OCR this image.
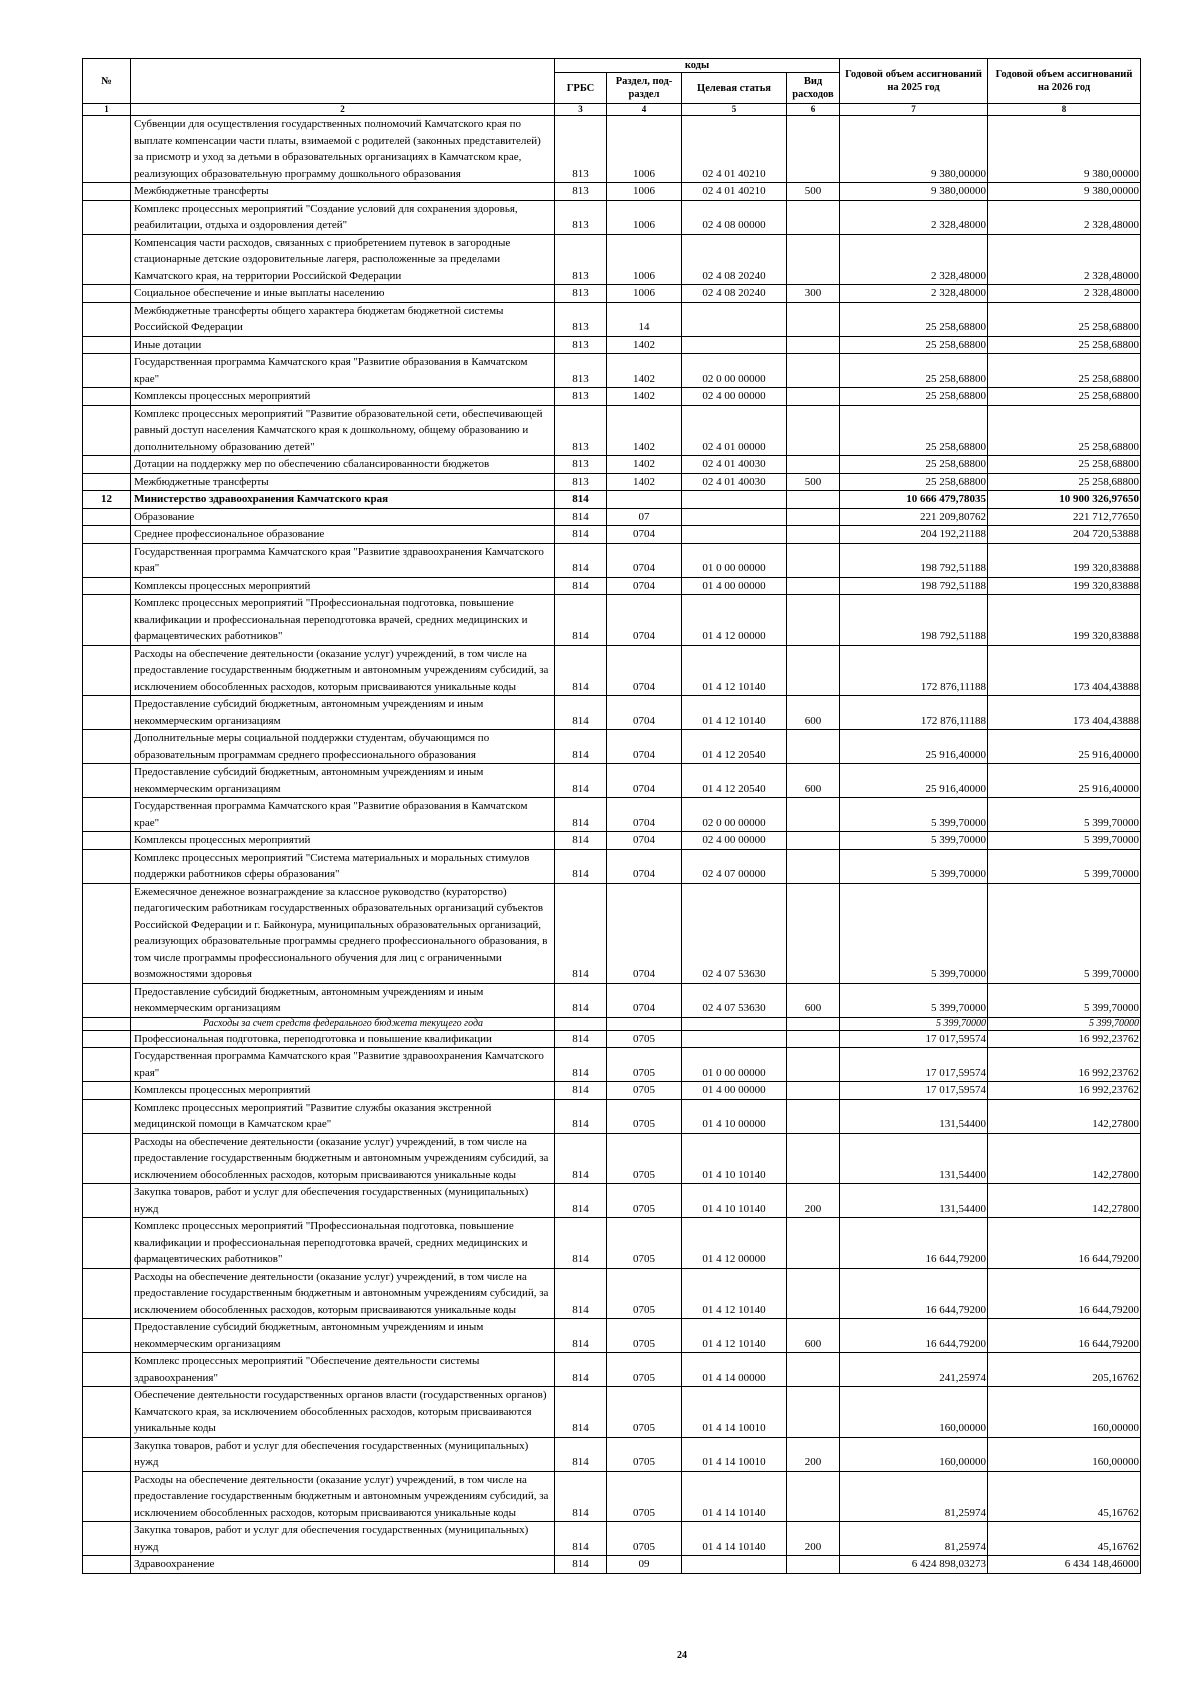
№		коды				Годовой объем ассигнований на 2025 год	Годовой объем ассигнований на 2026 год
		ГРБС	Раздел, под-раздел	Целевая статья	Вид расходов		
1	2	3	4	5	6	7	8
	Субвенции для осуществления государственных полномочий Камчатского края по выплате компенсации части платы, взимаемой с родителей (законных представителей) за присмотр и уход за детьми в образовательных организациях в Камчатском крае, реализующих образовательную программу дошкольного образования	813	1006	02 4 01 40210		9 380,00000	9 380,00000
	Межбюджетные трансферты	813	1006	02 4 01 40210	500	9 380,00000	9 380,00000
	Комплекс процессных мероприятий "Создание условий для сохранения здоровья, реабилитации, отдыха и оздоровления детей"	813	1006	02 4 08 00000		2 328,48000	2 328,48000
	Компенсация части расходов, связанных с приобретением путевок в загородные стационарные детские оздоровительные лагеря, расположенные за пределами Камчатского края, на территории Российской Федерации	813	1006	02 4 08 20240		2 328,48000	2 328,48000
	Социальное обеспечение и иные выплаты населению	813	1006	02 4 08 20240	300	2 328,48000	2 328,48000
	Межбюджетные трансферты общего характера бюджетам бюджетной системы Российской Федерации	813	14			25 258,68800	25 258,68800
	Иные дотации	813	1402			25 258,68800	25 258,68800
	Государственная программа Камчатского края "Развитие образования в Камчатском крае"	813	1402	02 0 00 00000		25 258,68800	25 258,68800
	Комплексы процессных мероприятий	813	1402	02 4 00 00000		25 258,68800	25 258,68800
	Комплекс процессных мероприятий "Развитие образовательной сети, обеспечивающей равный доступ населения Камчатского края к дошкольному, общему образованию и дополнительному образованию детей"	813	1402	02 4 01 00000		25 258,68800	25 258,68800
	Дотации на поддержку мер по обеспечению сбалансированности бюджетов	813	1402	02 4 01 40030		25 258,68800	25 258,68800
	Межбюджетные трансферты	813	1402	02 4 01 40030	500	25 258,68800	25 258,68800
12	Министерство здравоохранения Камчатского края	814				10 666 479,78035	10 900 326,97650
	Образование	814	07			221 209,80762	221 712,77650
	Среднее профессиональное образование	814	0704			204 192,21188	204 720,53888
	Государственная программа Камчатского края "Развитие здравоохранения Камчатского края"	814	0704	01 0 00 00000		198 792,51188	199 320,83888
	Комплексы процессных мероприятий	814	0704	01 4 00 00000		198 792,51188	199 320,83888
	Комплекс процессных мероприятий "Профессиональная подготовка, повышение квалификации и профессиональная переподготовка врачей, средних медицинских и фармацевтических работников"	814	0704	01 4 12 00000		198 792,51188	199 320,83888
	Расходы на обеспечение деятельности (оказание услуг) учреждений, в том числе на предоставление государственным бюджетным и автономным учреждениям субсидий, за исключением обособленных расходов, которым присваиваются уникальные коды	814	0704	01 4 12 10140		172 876,11188	173 404,43888
	Предоставление субсидий бюджетным, автономным учреждениям и иным некоммерческим организациям	814	0704	01 4 12 10140	600	172 876,11188	173 404,43888
	Дополнительные меры социальной поддержки студентам, обучающимся по образовательным программам среднего профессионального образования	814	0704	01 4 12 20540		25 916,40000	25 916,40000
	Предоставление субсидий бюджетным, автономным учреждениям и иным некоммерческим организациям	814	0704	01 4 12 20540	600	25 916,40000	25 916,40000
	Государственная программа Камчатского края "Развитие образования в Камчатском крае"	814	0704	02 0 00 00000		5 399,70000	5 399,70000
	Комплексы процессных мероприятий	814	0704	02 4 00 00000		5 399,70000	5 399,70000
	Комплекс процессных мероприятий "Система материальных и моральных стимулов поддержки работников сферы образования"	814	0704	02 4 07 00000		5 399,70000	5 399,70000
	Ежемесячное денежное вознаграждение за классное руководство (кураторство) педагогическим работникам государственных образовательных организаций субъектов Российской Федерации и г. Байконура, муниципальных образовательных организаций, реализующих образовательные программы среднего профессионального образования, в том числе программы профессионального обучения для лиц с ограниченными возможностями здоровья	814	0704	02 4 07 53630		5 399,70000	5 399,70000
	Предоставление субсидий бюджетным, автономным учреждениям и иным некоммерческим организациям	814	0704	02 4 07 53630	600	5 399,70000	5 399,70000
	Расходы за счет средств федерального бюджета текущего года					5 399,70000	5 399,70000
	Профессиональная подготовка, переподготовка и повышение квалификации	814	0705			17 017,59574	16 992,23762
	Государственная программа Камчатского края "Развитие здравоохранения Камчатского края"	814	0705	01 0 00 00000		17 017,59574	16 992,23762
	Комплексы процессных мероприятий	814	0705	01 4 00 00000		17 017,59574	16 992,23762
	Комплекс процессных мероприятий "Развитие службы оказания экстренной медицинской помощи в Камчатском крае"	814	0705	01 4 10 00000		131,54400	142,27800
	Расходы на обеспечение деятельности (оказание услуг) учреждений, в том числе на предоставление государственным бюджетным и автономным учреждениям субсидий, за исключением обособленных расходов, которым присваиваются уникальные коды	814	0705	01 4 10 10140		131,54400	142,27800
	Закупка товаров, работ и услуг для обеспечения государственных (муниципальных) нужд	814	0705	01 4 10 10140	200	131,54400	142,27800
	Комплекс процессных мероприятий "Профессиональная подготовка, повышение квалификации и профессиональная переподготовка врачей, средних медицинских и фармацевтических работников"	814	0705	01 4 12 00000		16 644,79200	16 644,79200
	Расходы на обеспечение деятельности (оказание услуг) учреждений, в том числе на предоставление государственным бюджетным и автономным учреждениям субсидий, за исключением обособленных расходов, которым присваиваются уникальные коды	814	0705	01 4 12 10140		16 644,79200	16 644,79200
	Предоставление субсидий бюджетным, автономным учреждениям и иным некоммерческим организациям	814	0705	01 4 12 10140	600	16 644,79200	16 644,79200
	Комплекс процессных мероприятий "Обеспечение деятельности системы здравоохранения"	814	0705	01 4 14 00000		241,25974	205,16762
	Обеспечение деятельности государственных органов власти (государственных органов) Камчатского края, за исключением обособленных расходов, которым присваиваются уникальные коды	814	0705	01 4 14 10010		160,00000	160,00000
	Закупка товаров, работ и услуг для обеспечения государственных (муниципальных) нужд	814	0705	01 4 14 10010	200	160,00000	160,00000
	Расходы на обеспечение деятельности (оказание услуг) учреждений, в том числе на предоставление государственным бюджетным и автономным учреждениям субсидий, за исключением обособленных расходов, которым присваиваются уникальные коды	814	0705	01 4 14 10140		81,25974	45,16762
	Закупка товаров, работ и услуг для обеспечения государственных (муниципальных) нужд	814	0705	01 4 14 10140	200	81,25974	45,16762
	Здравоохранение	814	09			6 424 898,03273	6 434 148,46000
24
